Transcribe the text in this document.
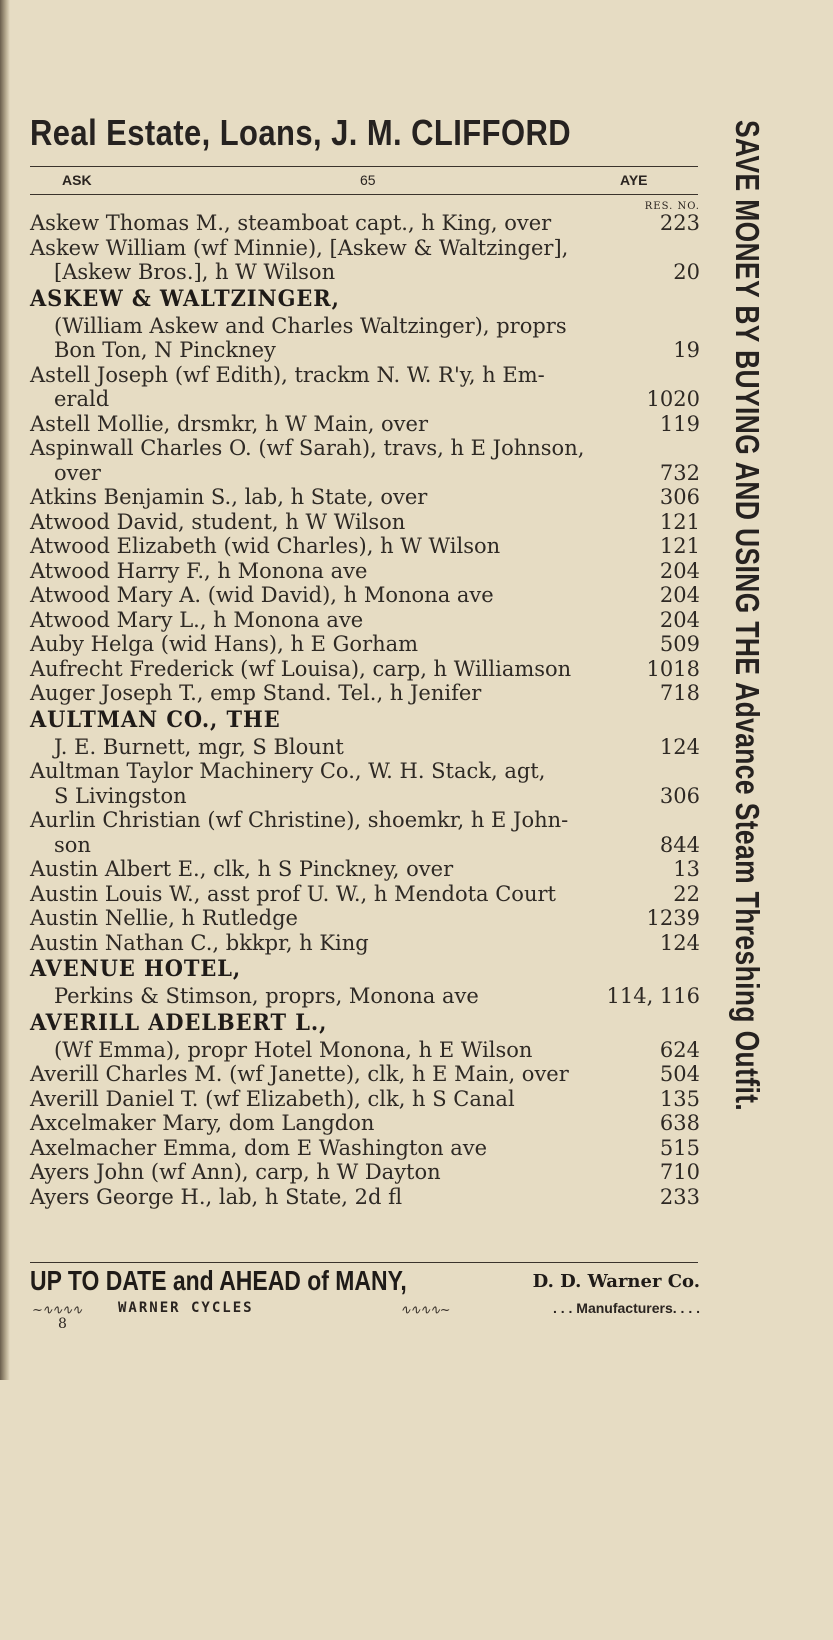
Real Estate, Loans, J. M. CLIFFORD
ASK	65	AYE
RES. NO.
Askew Thomas M., steamboat capt., h King, over	223
Askew William (wf Minnie), [Askew & Waltzinger],
[Askew Bros.], h W Wilson	20
ASKEW & WALTZINGER,
(William Askew and Charles Waltzinger), proprs
Bon Ton, N Pinckney	19
Astell Joseph (wf Edith), trackm N. W. R'y, h Em-
erald	1020
Astell Mollie, drsmkr, h W Main, over	119
Aspinwall Charles O. (wf Sarah), travs, h E Johnson,
over	732
Atkins Benjamin S., lab, h State, over	306
Atwood David, student, h W Wilson	121
Atwood Elizabeth (wid Charles), h W Wilson	121
Atwood Harry F., h Monona ave	204
Atwood Mary A. (wid David), h Monona ave	204
Atwood Mary L., h Monona ave	204
Auby Helga (wid Hans), h E Gorham	509
Aufrecht Frederick (wf Louisa), carp, h Williamson	1018
Auger Joseph T., emp Stand. Tel., h Jenifer	718
AULTMAN CO., THE
J. E. Burnett, mgr, S Blount	124
Aultman Taylor Machinery Co., W. H. Stack, agt,
S Livingston	306
Aurlin Christian (wf Christine), shoemkr, h E John-
son	844
Austin Albert E., clk, h S Pinckney, over	13
Austin Louis W., asst prof U. W., h Mendota Court	22
Austin Nellie, h Rutledge	1239
Austin Nathan C., bkkpr, h King	124
AVENUE HOTEL,
Perkins & Stimson, proprs, Monona ave	114, 116
AVERILL ADELBERT L.,
(Wf Emma), propr Hotel Monona, h E Wilson	624
Averill Charles M. (wf Janette), clk, h E Main, over	504
Averill Daniel T. (wf Elizabeth), clk, h S Canal	135
Axcelmaker Mary, dom Langdon	638
Axelmacher Emma, dom E Washington ave	515
Ayers John (wf Ann), carp, h W Dayton	710
Ayers George H., lab, h State, 2d fl	233
SAVE MONEY BY BUYING AND USING THE Advance Steam Threshing Outfit.
UP TO DATE and AHEAD of MANY,	D. D. Warner Co.
WARNER CYCLES	. . . Manufacturers. . . .
~∿∿∿∿	∿∿∿∿~
8
